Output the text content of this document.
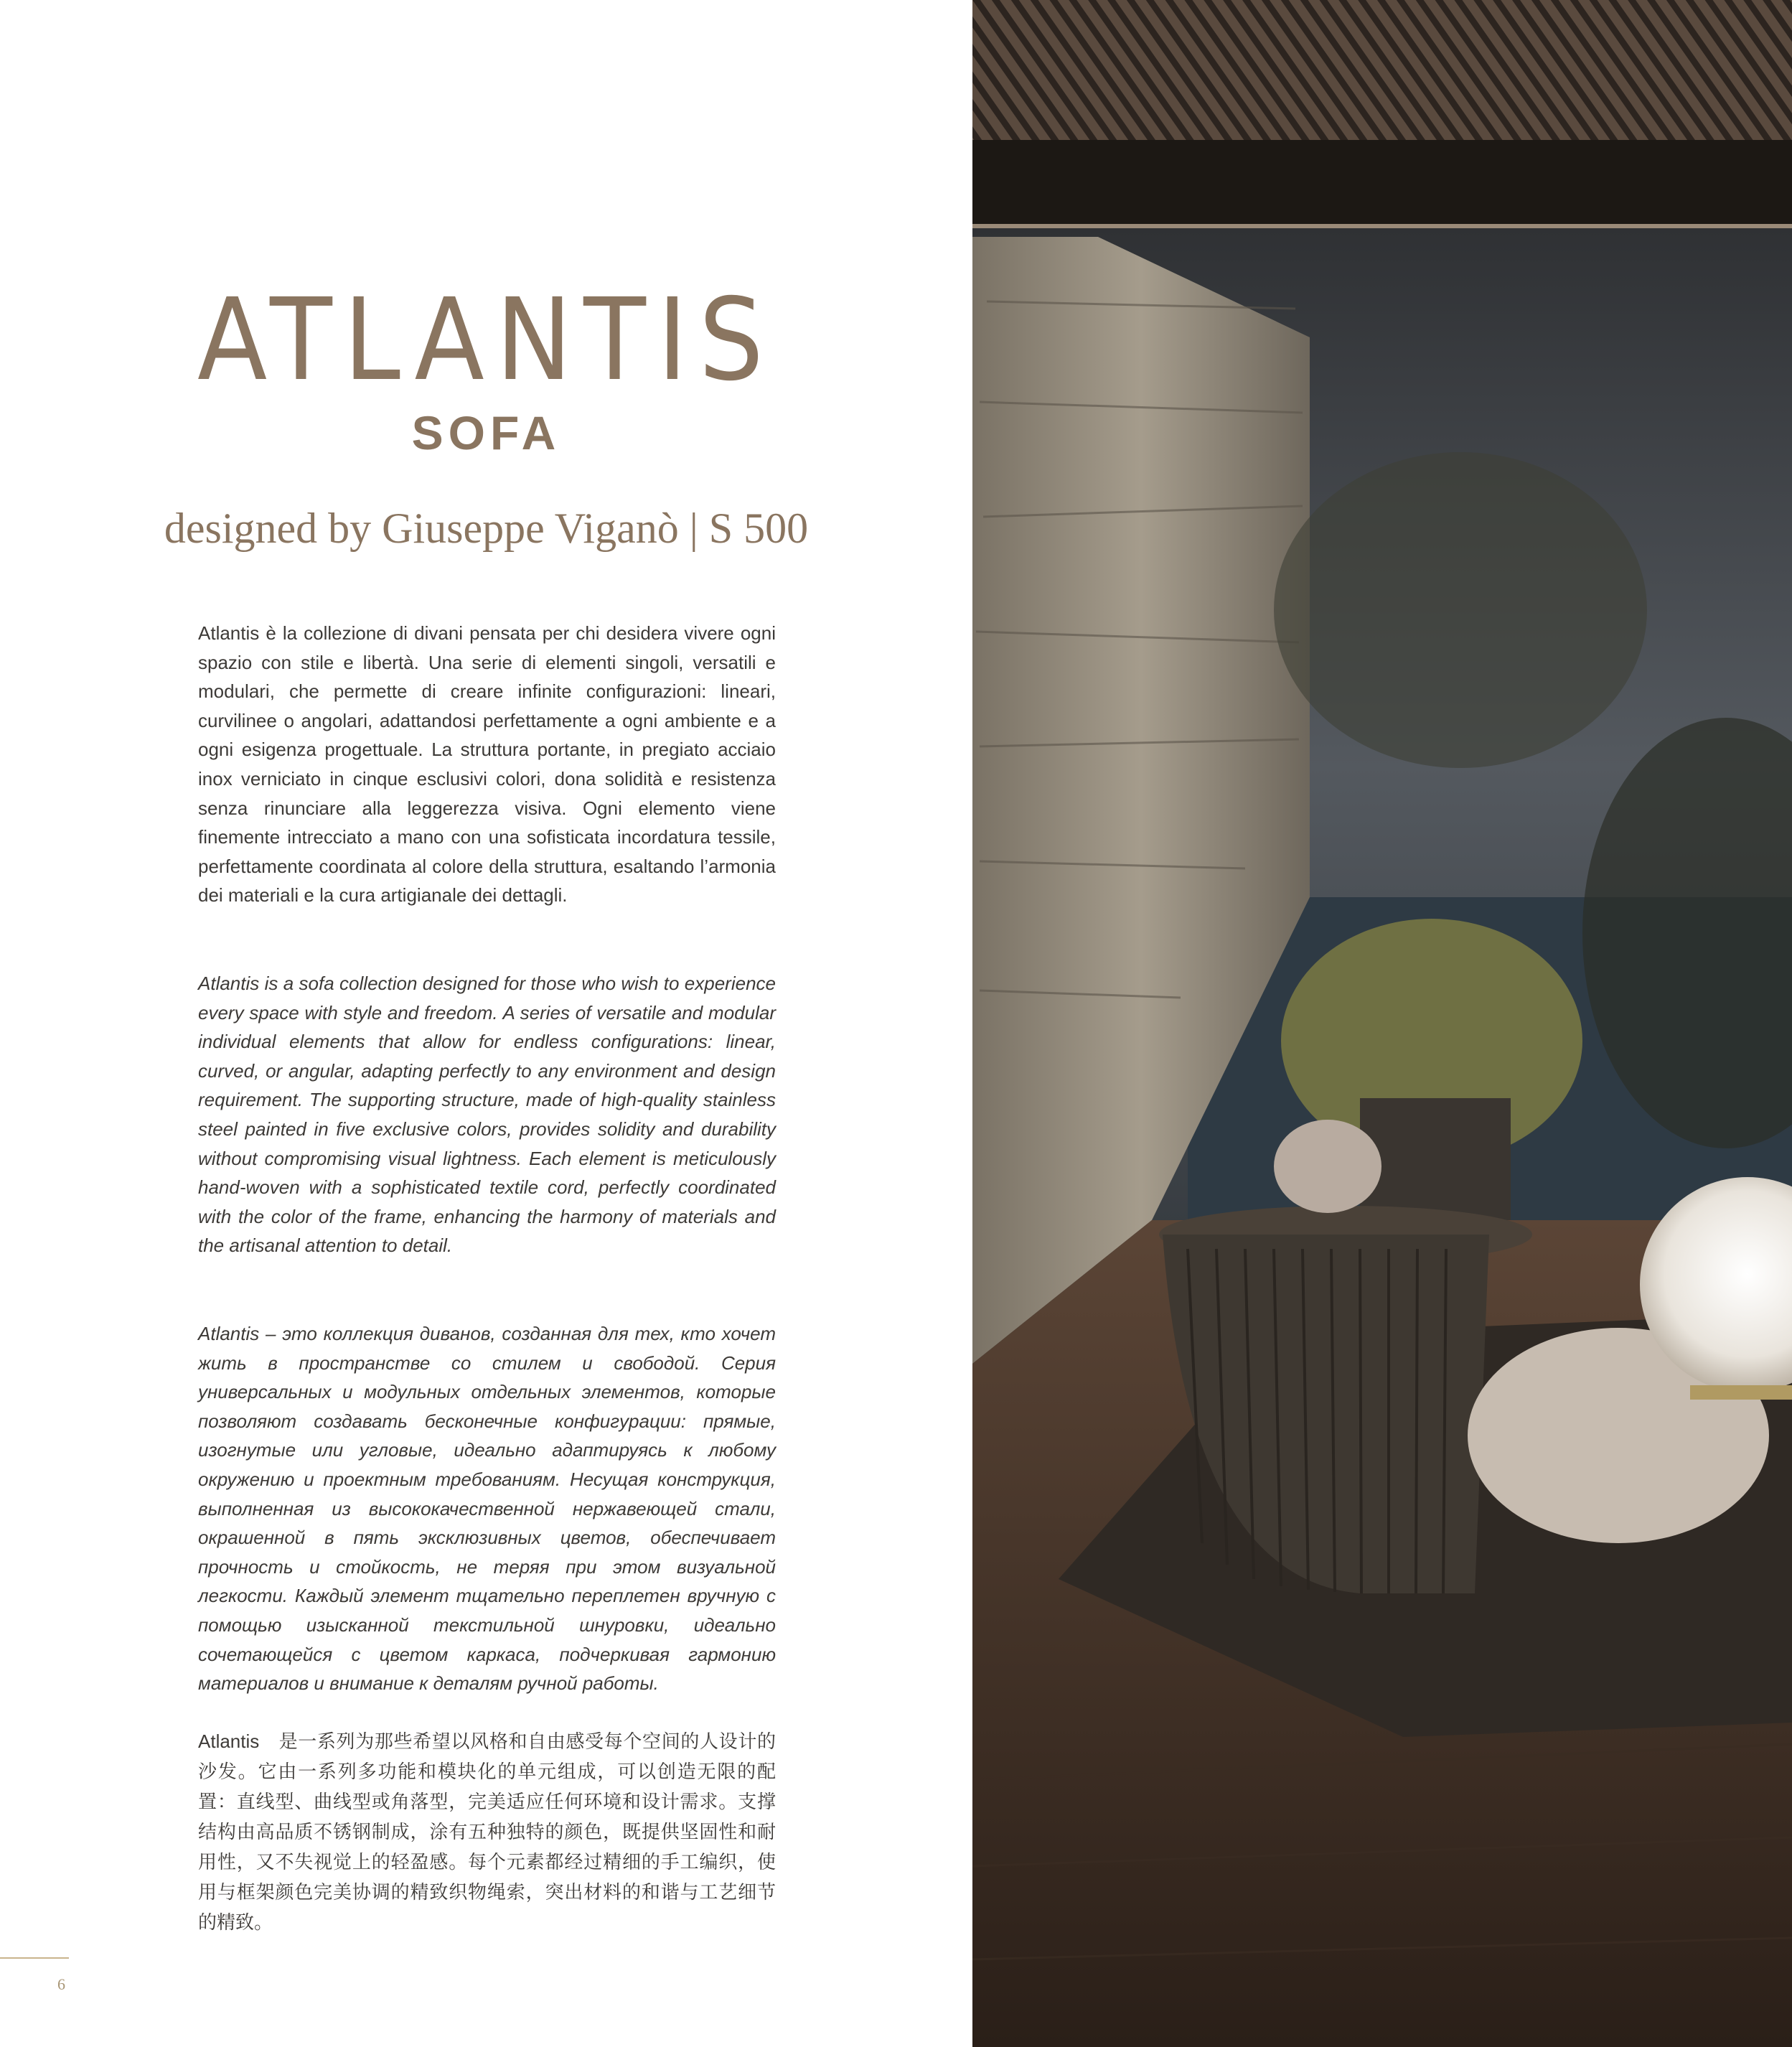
ATLANTIS
SOFA

designed by Giuseppe Viganò | S 500

Atlantis è la collezione di divani pensata per chi desidera vivere ogni spazio con stile e libertà. Una serie di elementi singoli, versatili e modulari, che permette di creare infinite configurazioni: lineari, curvilinee o angolari, adattandosi perfettamente a ogni ambiente e a ogni esigenza progettuale. La struttura portante, in pregiato acciaio inox verniciato in cinque esclusivi colori, dona solidità e resistenza senza rinunciare alla leggerezza visiva. Ogni elemento viene finemente intrecciato a mano con una sofisticata incordatura tessile, perfettamente coordinata al colore della struttura, esaltando l’armonia dei materiali e la cura artigianale dei dettagli.

Atlantis is a sofa collection designed for those who wish to experience every space with style and freedom. A series of versatile and modular individual elements that allow for endless configurations: linear, curved, or angular, adapting perfectly to any environment and design requirement. The supporting structure, made of high-quality stainless steel painted in five exclusive colors, provides solidity and durability without compromising visual lightness. Each element is meticulously hand-woven with a sophisticated textile cord, perfectly coordinated with the color of the frame, enhancing the harmony of materials and the artisanal attention to detail.

Atlantis – это коллекция диванов, созданная для тех, кто хочет жить в пространстве со стилем и свободой. Серия универсальных и модульных отдельных элементов, которые позволяют создавать бесконечные конфигурации: прямые, изогнутые или угловые, идеально адаптируясь к любому окружению и проектным требованиям. Несущая конструкция, выполненная из высококачественной нержавеющей стали, окрашенной в пять эксклюзивных цветов, обеспечивает прочность и стойкость, не теряя при этом визуальной легкости. Каждый элемент тщательно переплетен вручную с помощью изысканной текстильной шнуровки, идеально сочетающейся с цветом каркаса, подчеркивая гармонию материалов и внимание к деталям ручной работы.

Atlantis　是一系列为那些希望以风格和自由感受每个空间的人设计的沙发。它由一系列多功能和模块化的单元组成，可以创造无限的配置：直线型、曲线型或角落型，完美适应任何环境和设计需求。支撑结构由高品质不锈钢制成，涂有五种独特的颜色，既提供坚固性和耐用性，又不失视觉上的轻盈感。每个元素都经过精细的手工编织，使用与框架颜色完美协调的精致织物绳索，突出材料的和谐与工艺细节的精致。

6
